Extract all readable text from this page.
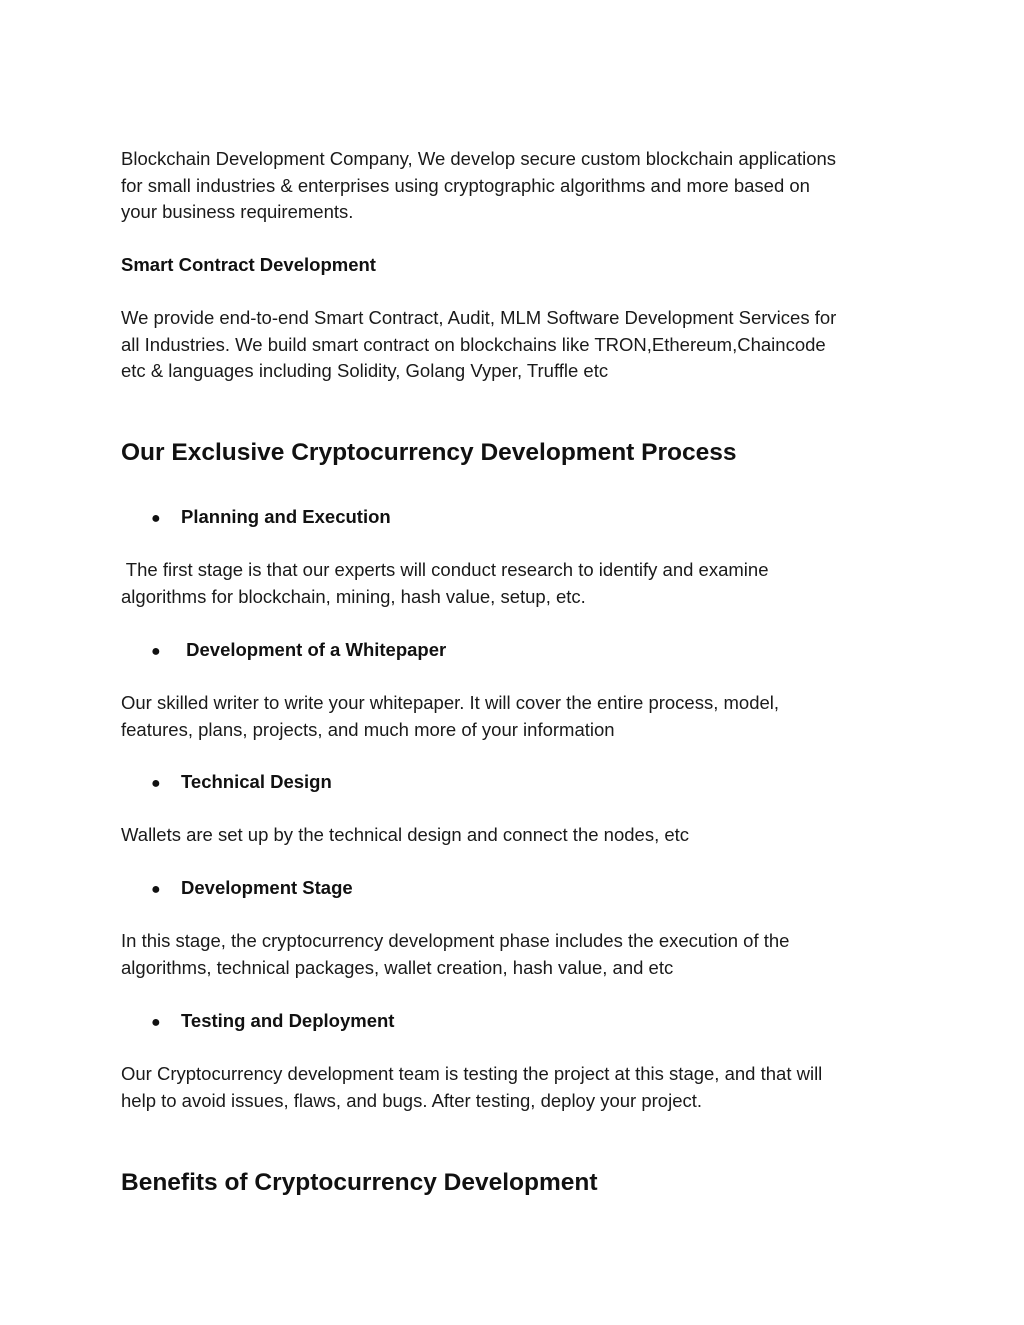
Blockchain Development Company, We develop secure custom blockchain applications
for small industries & enterprises using cryptographic algorithms and more based on
your business requirements.

Smart Contract Development

We provide end-to-end Smart Contract, Audit, MLM Software Development Services for
all Industries. We build smart contract on blockchains like TRON,Ethereum,Chaincode
etc & languages including Solidity, Golang Vyper, Truffle etc

Our Exclusive Cryptocurrency Development Process
● Planning and Execution

The first stage is that our experts will conduct research to identify and examine
algorithms for blockchain, mining, hash value, setup, etc.

● Development of a Whitepaper

Our skilled writer to write your whitepaper. It will cover the entire process, model,
features, plans, projects, and much more of your information

● Technical Design

Wallets are set up by the technical design and connect the nodes, etc

● Development Stage

In this stage, the cryptocurrency development phase includes the execution of the
algorithms, technical packages, wallet creation, hash value, and etc

● Testing and Deployment

Our Cryptocurrency development team is testing the project at this stage, and that will
help to avoid issues, flaws, and bugs. After testing, deploy your project.

Benefits of Cryptocurrency Development
